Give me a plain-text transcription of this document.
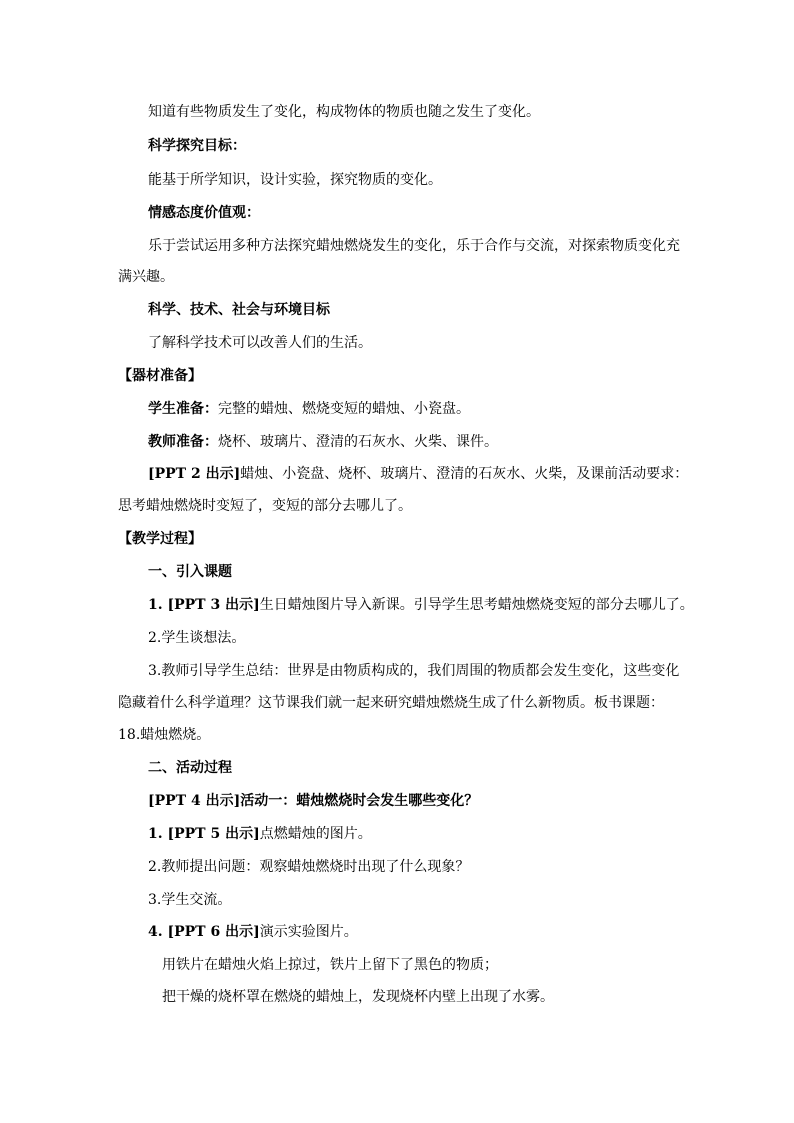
知道有些物质发生了变化，构成物体的物质也随之发生了变化。
科学探究目标：
能基于所学知识，设计实验，探究物质的变化。
情感态度价值观：
乐于尝试运用多种方法探究蜡烛燃烧发生的变化，乐于合作与交流，对探索物质变化充
满兴趣。
科学、技术、社会与环境目标
了解科学技术可以改善人们的生活。
【器材准备】
学生准备：完整的蜡烛、燃烧变短的蜡烛、小瓷盘。
教师准备：烧杯、玻璃片、澄清的石灰水、火柴、课件。
[PPT 2 出示]蜡烛、小瓷盘、烧杯、玻璃片、澄清的石灰水、火柴，及课前活动要求：
思考蜡烛燃烧时变短了，变短的部分去哪儿了。
【教学过程】
一、引入课题
1. [PPT 3 出示]生日蜡烛图片导入新课。引导学生思考蜡烛燃烧变短的部分去哪儿了。
2.学生谈想法。
3.教师引导学生总结：世界是由物质构成的，我们周围的物质都会发生变化，这些变化
隐藏着什么科学道理？这节课我们就一起来研究蜡烛燃烧生成了什么新物质。板书课题：
18.蜡烛燃烧。
二、活动过程
[PPT 4 出示]活动一：蜡烛燃烧时会发生哪些变化？
1. [PPT 5 出示]点燃蜡烛的图片。
2.教师提出问题：观察蜡烛燃烧时出现了什么现象？
3.学生交流。
4. [PPT 6 出示]演示实验图片。
用铁片在蜡烛火焰上掠过，铁片上留下了黑色的物质；
把干燥的烧杯罩在燃烧的蜡烛上，发现烧杯内壁上出现了水雾。
